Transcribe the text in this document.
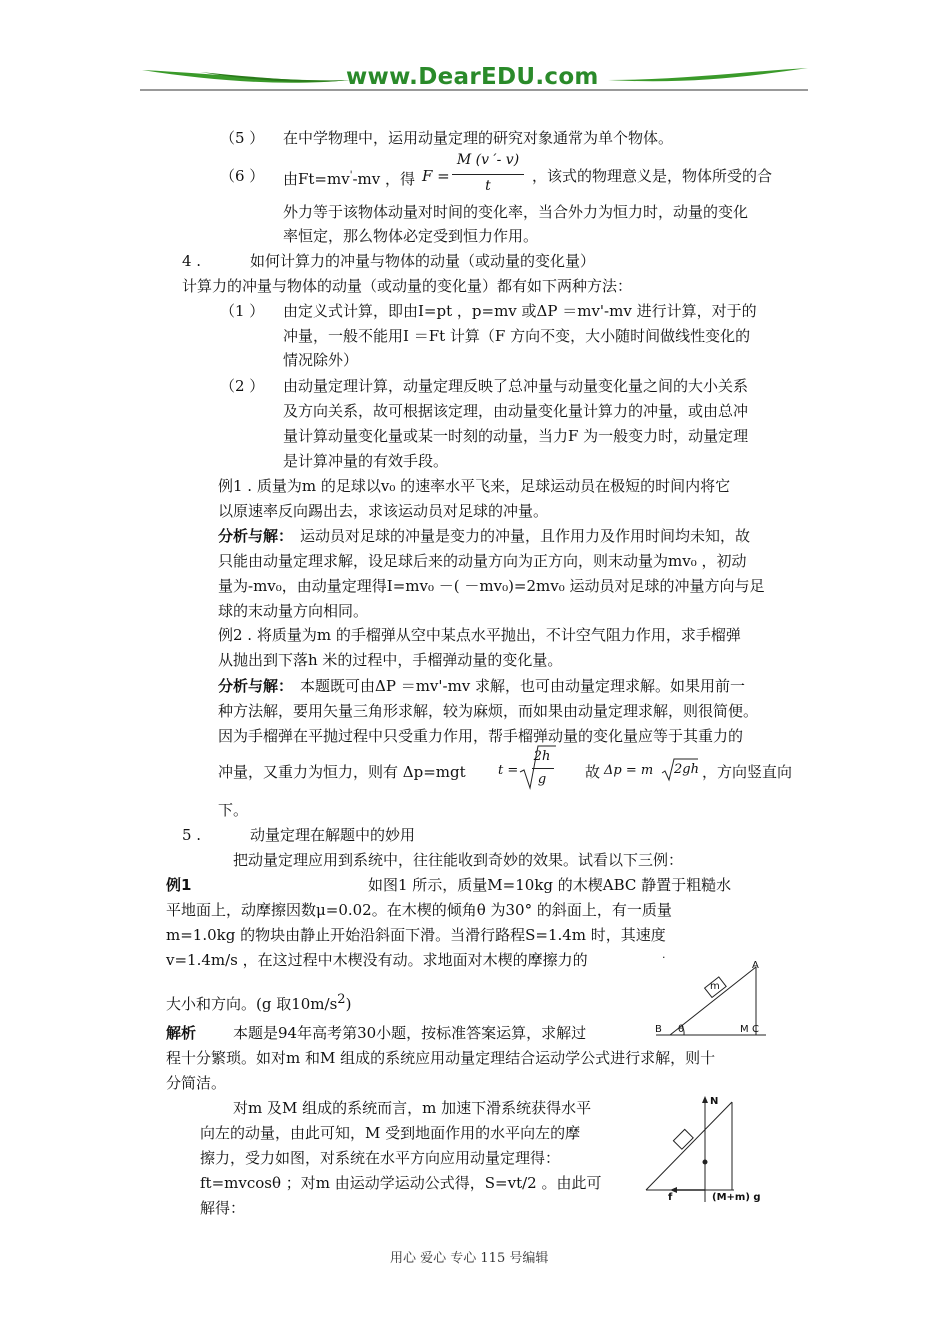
www.DearEDU.com
（5 ） 在中学物理中，运用动量定理的研究对象通常为单个物体。
（6 ） 由Ft=mv'-mv ，得 F =
M (v ′- v)
t
，该式的物理意义是，物体所受的合
外力等于该物体动量对时间的变化率，当合外力为恒力时，动量的变化
率恒定，那么物体必定受到恒力作用。
4 .	如何计算力的冲量与物体的动量（或动量的变化量）
计算力的冲量与物体的动量（或动量的变化量）都有如下两种方法：
（1 ） 由定义式计算，即由I=pt ，p=mv 或ΔP ＝mv'-mv 进行计算，对于的
冲量，一般不能用I ＝Ft 计算（F 方向不变，大小随时间做线性变化的
情况除外）
（2 ） 由动量定理计算，动量定理反映了总冲量与动量变化量之间的大小关系
及方向关系，故可根据该定理，由动量变化量计算力的冲量，或由总冲
量计算动量变化量或某一时刻的动量，当力F 为一般变力时，动量定理
是计算冲量的有效手段。
例1 . 质量为m 的足球以v₀ 的速率水平飞来，足球运动员在极短的时间内将它
以原速率反向踢出去，求该运动员对足球的冲量。
分析与解： 运动员对足球的冲量是变力的冲量，且作用力及作用时间均未知，故
只能由动量定理求解，设足球后来的动量方向为正方向，则末动量为mv₀ ，初动
量为-mv₀，由动量定理得I=mv₀ －( －mv₀)=2mv₀ 运动员对足球的冲量方向与足
球的末动量方向相同。
例2 . 将质量为m 的手榴弹从空中某点水平抛出，不计空气阻力作用，求手榴弹
从抛出到下落h 米的过程中，手榴弹动量的变化量。
分析与解： 本题既可由ΔP ＝mv'-mv 求解，也可由动量定理求解。如果用前一
种方法解，要用矢量三角形求解，较为麻烦，而如果由动量定理求解，则很简便。
因为手榴弹在平抛过程中只受重力作用，帮手榴弹动量的变化量应等于其重力的
冲量，又重力为恒力，则有 Δp=mgt t =
2h
g	故 Δp = m 2gh ，方向竖直向
下。
5 .	动量定理在解题中的妙用
把动量定理应用到系统中，往往能收到奇妙的效果。试看以下三例：
例1	如图1 所示，质量M=10kg 的木楔ABC 静置于粗糙水
平地面上，动摩擦因数μ=0.02。在木楔的倾角θ 为30° 的斜面上，有一质量
m=1.0kg 的物块由静止开始沿斜面下滑。当滑行路程S=1.4m 时，其速度
v=1.4m/s ，在这过程中木楔没有动。求地面对木楔的摩擦力的
大小和方向。(g 取$10m/s^2$)
.
A
m
B θ	M C
解析 本题是94年高考第30小题，按标准答案运算，求解过
程十分繁琐。如对m 和M 组成的系统应用动量定理结合运动学公式进行求解，则十
分简洁。
对m 及M 组成的系统而言，m 加速下滑系统获得水平
向左的动量，由此可知，M 受到地面作用的水平向左的摩
擦力，受力如图，对系统在水平方向应用动量定理得：
ft=mvcosθ ；对m 由运动学运动公式得，S=vt/2 。由此可
解得：
N
f	(M+m) g
用心 爱心 专心 115 号编辑
